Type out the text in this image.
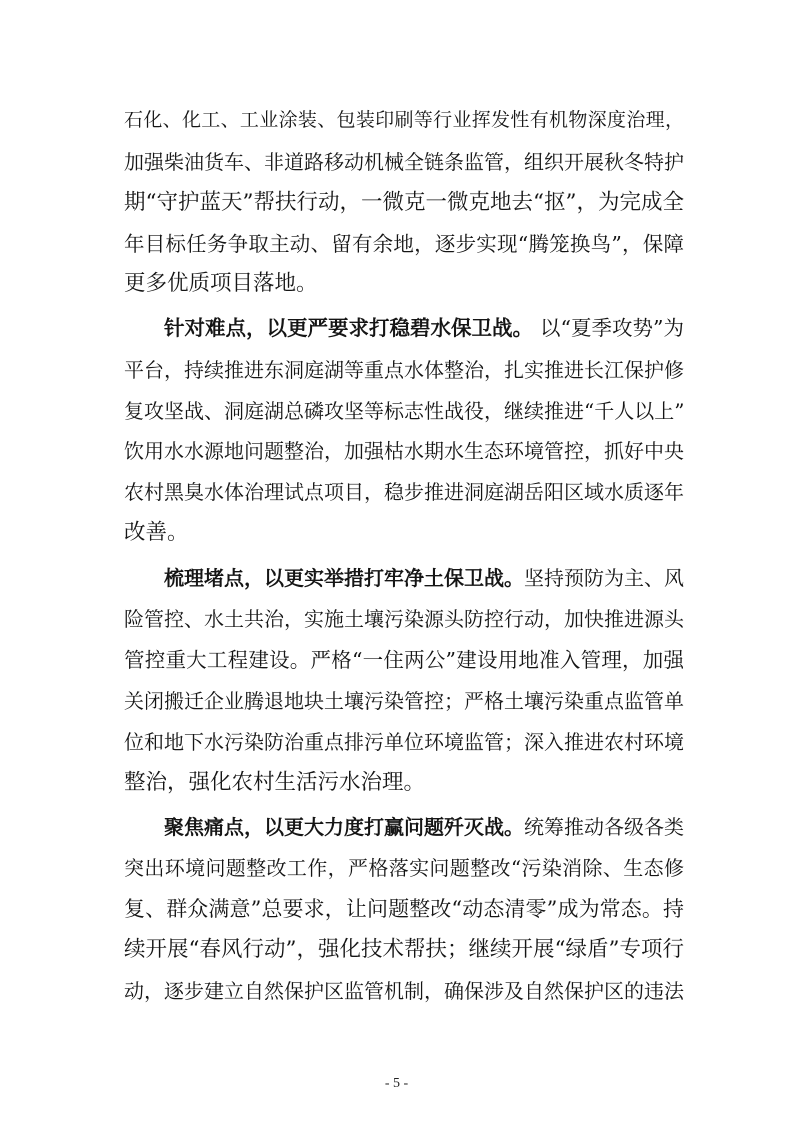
石化、化工、工业涂装、包装印刷等行业挥发性有机物深度治理，
加强柴油货车、非道路移动机械全链条监管，组织开展秋冬特护
期“守护蓝天”帮扶行动，一微克一微克地去“抠”，为完成全
年目标任务争取主动、留有余地，逐步实现“腾笼换鸟”，保障
更多优质项目落地。
针对难点，以更严要求打稳碧水保卫战。 以“夏季攻势”为
平台，持续推进东洞庭湖等重点水体整治，扎实推进长江保护修
复攻坚战、洞庭湖总磷攻坚等标志性战役，继续推进“千人以上”
饮用水水源地问题整治，加强枯水期水生态环境管控，抓好中央
农村黑臭水体治理试点项目，稳步推进洞庭湖岳阳区域水质逐年
改善。
梳理堵点，以更实举措打牢净土保卫战。 坚持预防为主、风
险管控、水土共治，实施土壤污染源头防控行动，加快推进源头
管控重大工程建设。严格“一住两公”建设用地准入管理，加强
关闭搬迁企业腾退地块土壤污染管控；严格土壤污染重点监管单
位和地下水污染防治重点排污单位环境监管；深入推进农村环境
整治，强化农村生活污水治理。
聚焦痛点，以更大力度打赢问题歼灭战。 统筹推动各级各类
突出环境问题整改工作，严格落实问题整改“污染消除、生态修
复、群众满意”总要求，让问题整改“动态清零”成为常态。持
续开展“春风行动”，强化技术帮扶；继续开展“绿盾”专项行
动，逐步建立自然保护区监管机制，确保涉及自然保护区的违法
- 5 -
